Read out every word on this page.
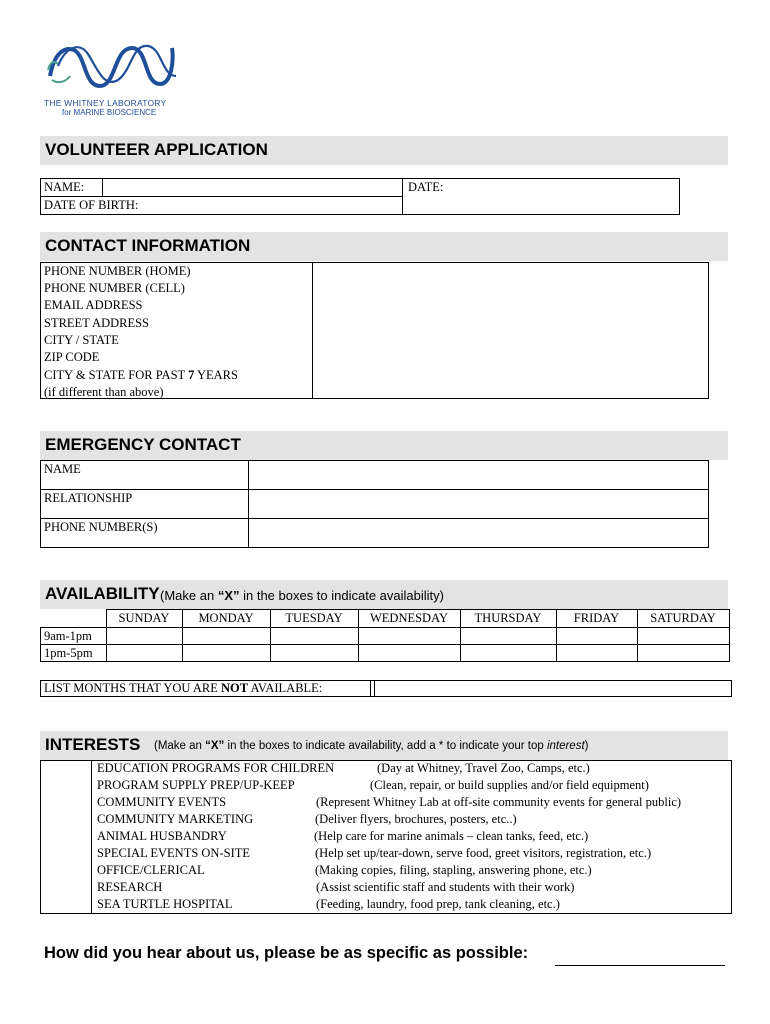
THE WHITNEY LABORATORY
for MARINE BIOSCIENCE
VOLUNTEER APPLICATION
NAME:	DATE:
DATE OF BIRTH:
CONTACT INFORMATION
PHONE NUMBER (HOME)
PHONE NUMBER (CELL)
EMAIL ADDRESS
STREET ADDRESS
CITY / STATE
ZIP CODE
CITY & STATE FOR PAST 7 YEARS
(if different than above)
EMERGENCY CONTACT
NAME
RELATIONSHIP
PHONE NUMBER(S)
AVAILABILITY (Make an “X” in the boxes to indicate availability)
SUNDAY	MONDAY	TUESDAY	WEDNESDAY	THURSDAY	FRIDAY	SATURDAY
9am-1pm
1pm-5pm
LIST MONTHS THAT YOU ARE NOT AVAILABLE:
INTERESTS (Make an “X” in the boxes to indicate availability, add a * to indicate your top interest)
EDUCATION PROGRAMS FOR CHILDREN	(Day at Whitney, Travel Zoo, Camps, etc.)
PROGRAM SUPPLY PREP/UP-KEEP	(Clean, repair, or build supplies and/or field equipment)
COMMUNITY EVENTS	(Represent Whitney Lab at off-site community events for general public)
COMMUNITY MARKETING	(Deliver flyers, brochures, posters, etc..)
ANIMAL HUSBANDRY	(Help care for marine animals – clean tanks, feed, etc.)
SPECIAL EVENTS ON-SITE	(Help set up/tear-down, serve food, greet visitors, registration, etc.)
OFFICE/CLERICAL	(Making copies, filing, stapling, answering phone, etc.)
RESEARCH	(Assist scientific staff and students with their work)
SEA TURTLE HOSPITAL	(Feeding, laundry, food prep, tank cleaning, etc.)
How did you hear about us, please be as specific as possible:
